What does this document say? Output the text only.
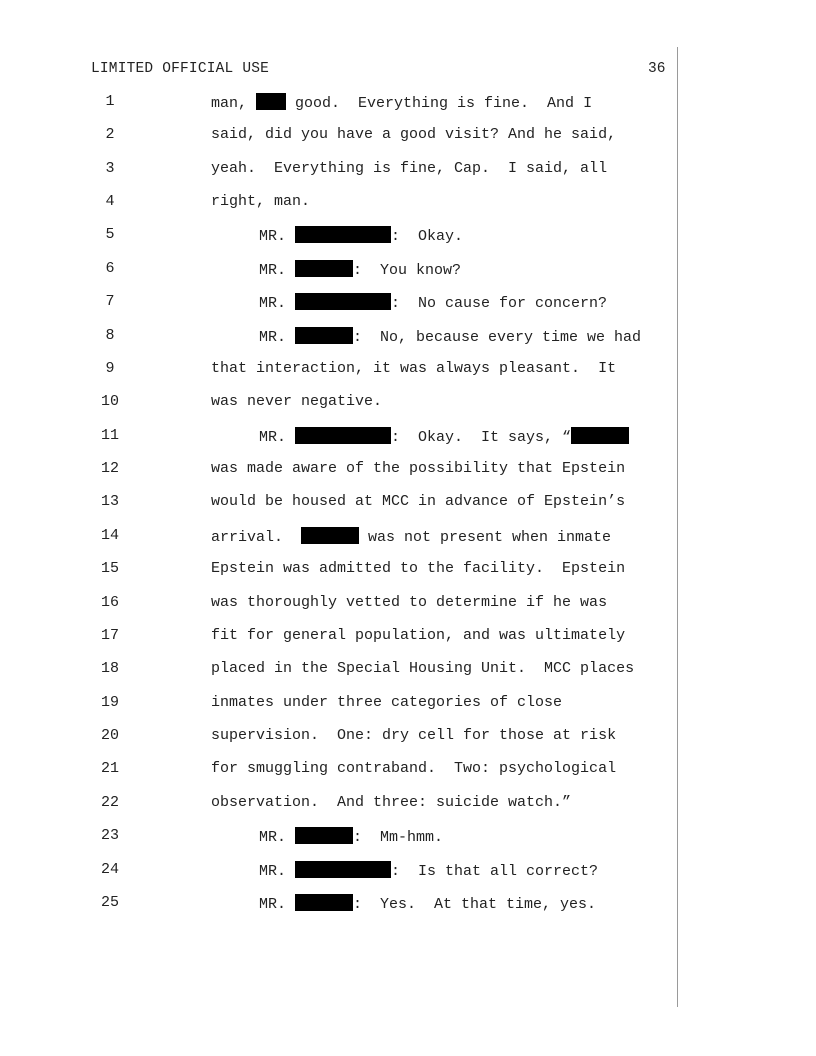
LIMITED OFFICIAL USE	36
1	man,  good.  Everything is fine.  And I
2	said, did you have a good visit? And he said,
3	yeah.  Everything is fine, Cap.  I said, all
4	right, man.
5	MR.	:  Okay.
6	MR.	:  You know?
7	MR.	:  No cause for concern?
8	MR.	:  No, because every time we had
9	that interaction, it was always pleasant.  It
10	was never negative.
11	MR.	:  Okay.  It says, “
12	was made aware of the possibility that Epstein
13	would be housed at MCC in advance of Epstein’s
14	arrival.	was not present when inmate
15	Epstein was admitted to the facility.  Epstein
16	was thoroughly vetted to determine if he was
17	fit for general population, and was ultimately
18	placed in the Special Housing Unit.  MCC places
19	inmates under three categories of close
20	supervision.  One: dry cell for those at risk
21	for smuggling contraband.  Two: psychological
22	observation.  And three: suicide watch.”
23	MR.	:  Mm-hmm.
24	MR.	:  Is that all correct?
25	MR.	:  Yes.  At that time, yes.
